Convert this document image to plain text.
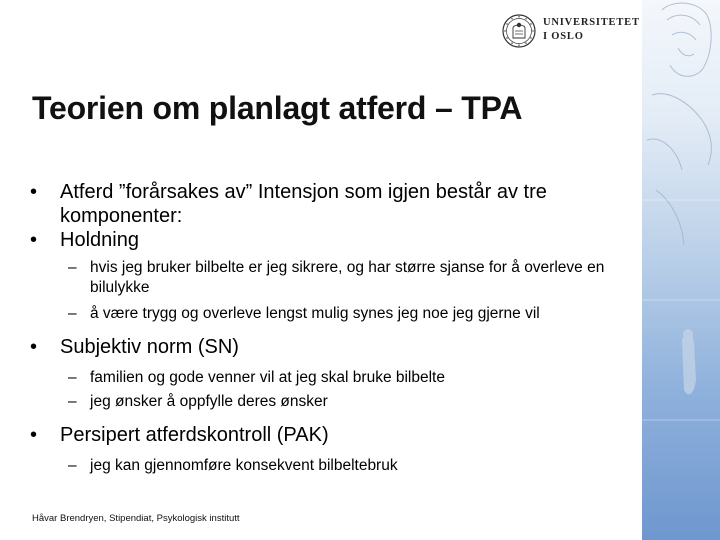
UNIVERSITETET
I OSLO
Teorien om planlagt atferd – TPA
• Atferd ”forårsakes av” Intensjon som igjen består av tre komponenter:
• Holdning
– hvis jeg bruker bilbelte er jeg sikrere, og har større sjanse for å overleve en bilulykke
– å være trygg og overleve lengst mulig synes jeg noe jeg gjerne vil
• Subjektiv norm (SN)
– familien og gode venner vil at jeg skal bruke bilbelte
– jeg ønsker å oppfylle deres ønsker
• Persipert atferdskontroll (PAK)
– jeg kan gjennomføre konsekvent bilbeltebruk
Håvar Brendryen, Stipendiat, Psykologisk institutt
